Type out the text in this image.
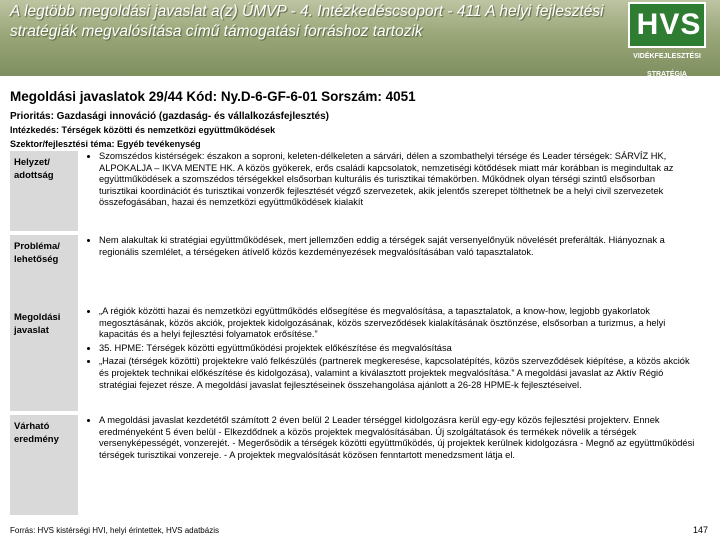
A legtöbb megoldási javaslat a(z) ÚMVP - 4. Intézkedéscsoport - 411 A helyi fejlesztési stratégiák megvalósítása című támogatási forráshoz tartozik	HVS
VIDÉKFEJLESZTÉSI STRATÉGIA
Megoldási javaslatok 29/44 Kód: Ny.D-6-GF-6-01 Sorszám: 4051
Prioritás: Gazdasági innováció (gazdaság- és vállalkozásfejlesztés)
Intézkedés: Térségek közötti és nemzetközi együttműködések
Szektor/fejlesztési téma: Egyéb tevékenység
Helyzet/ adottság
• Szomszédos kistérségek: északon a soproni, keleten-délkeleten a sárvári, délen a szombathelyi térsége és Leader térségek: SÁRVÍZ HK, ALPOKALJA – IKVA MENTE HK. A közös gyökerek, erős családi kapcsolatok, nemzetiségi kötődések miatt már korábban is megindultak az együttműködések a szomszédos térségekkel elsősorban kulturális és turisztikai témakörben. Működnek olyan térségi szintű elsősorban turisztikai koordinációt és turisztikai vonzerők fejlesztését végző szervezetek, akik jelentős szerepet tölthetnek be a helyi civil szervezetek összefogásában, hazai és nemzetközi együttműködések kialakít
Probléma/ lehetőség
• Nem alakultak ki stratégiai együttműködések, mert jellemzően eddig a térségek saját versenyelőnyük növelését preferálták. Hiányoznak a regionális szemlélet, a térségeken átívelő közös kezdeményezések megvalósításában való tapasztalatok.
Megoldási javaslat
• „A régiók közötti hazai és nemzetközi együttműködés elősegítése és megvalósítása, a tapasztalatok, a know-how, legjobb gyakorlatok megosztásának, közös akciók, projektek kidolgozásának, közös szerveződések kialakításának ösztönzése, elsősorban a turizmus, a helyi kapacitás és a helyi fejlesztési folyamatok erősítése.”
• 35. HPME: Térségek közötti együttműködési projektek előkészítése és megvalósítása
• „Hazai (térségek közötti) projektekre való felkészülés (partnerek megkeresése, kapcsolatépítés, közös szerveződések kiépítése, a közös akciók és projektek technikai előkészítése és kidolgozása), valamint a kiválasztott projektek megvalósítása.” A megoldási javaslat az Aktív Régió stratégiai fejezet része. A megoldási javaslat fejlesztéseinek összehangolása ajánlott a 26-28 HPME-k fejlesztéseivel.
Várható eredmény
• A megoldási javaslat kezdetétől számított 2 éven belül 2 Leader térséggel kidolgozásra kerül egy-egy közös fejlesztési projekterv. Ennek eredményeként 5 éven belül - Elkezdődnek a közös projektek megvalósításában. Új szolgáltatások és termékek növelik a térségek versenyképességét, vonzerejét. - Megerősödik a térségek közötti együttműködés, új projektek kerülnek kidolgozásra - Megnő az együttműködési térségek turisztikai vonzereje. - A projektek megvalósítását közösen fenntartott menedzsment látja el.
Forrás: HVS kistérségi HVI, helyi érintettek, HVS adatbázis	147
